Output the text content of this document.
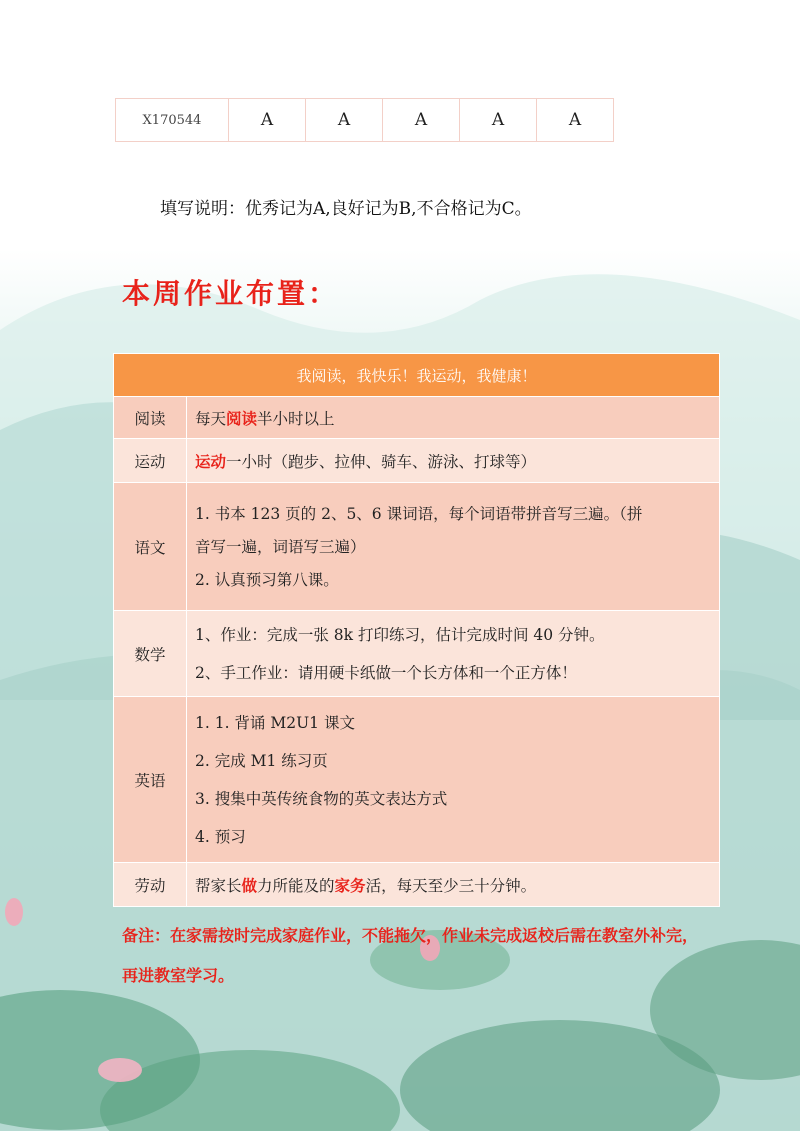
X170544	A	A	A	A	A
填写说明：优秀记为A,良好记为B,不合格记为C。
本周作业布置：
我阅读，我快乐！我运动，我健康！	
阅读	每天阅读半小时以上
运动	运动一小时（跑步、拉伸、骑车、游泳、打球等）
语文	1. 书本 123 页的 2、5、6 课词语，每个词语带拼音写三遍。（拼
音写一遍，词语写三遍）
2. 认真预习第八课。

数学	1、作业：完成一张 8k 打印练习，估计完成时间 40 分钟。
2、手工作业：请用硬卡纸做一个长方体和一个正方体！

英语	1. 1. 背诵 M2U1 课文
2. 完成 M1 练习页
3. 搜集中英传统食物的英文表达方式
4. 预习

劳动	帮家长做力所能及的家务活，每天至少三十分钟。
备注：在家需按时完成家庭作业，不能拖欠，作业未完成返校后需在教室外补完，再进教室学习。
